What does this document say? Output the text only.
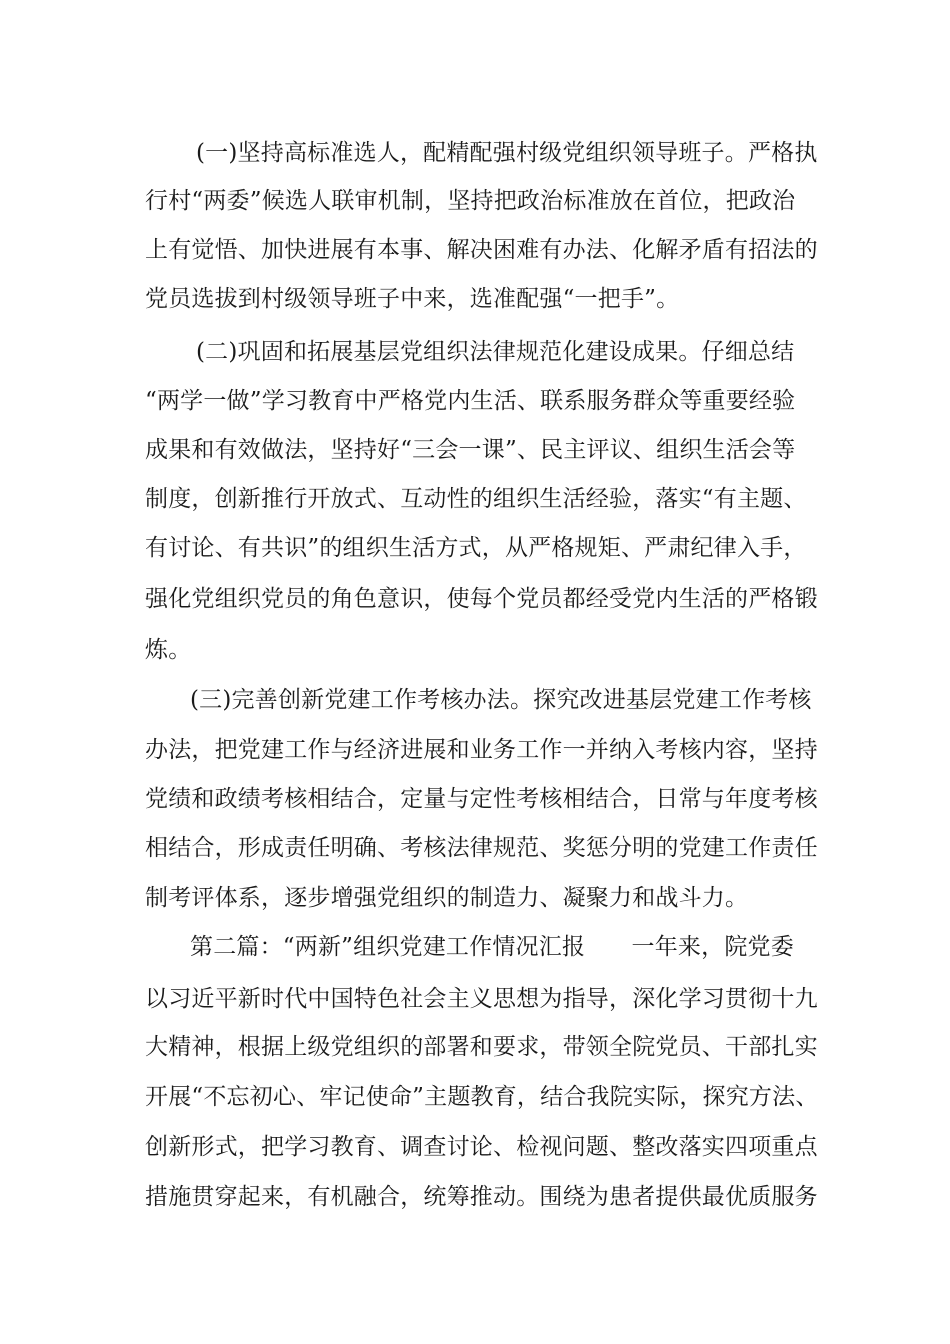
(一)坚持高标准选人，配精配强村级党组织领导班子。严格执
行村“两委”候选人联审机制，坚持把政治标准放在首位，把政治
上有觉悟、加快进展有本事、解决困难有办法、化解矛盾有招法的
党员选拔到村级领导班子中来，选准配强“一把手”。
(二)巩固和拓展基层党组织法律规范化建设成果。仔细总结
“两学一做”学习教育中严格党内生活、联系服务群众等重要经验
成果和有效做法，坚持好“三会一课”、民主评议、组织生活会等
制度，创新推行开放式、互动性的组织生活经验，落实“有主题、
有讨论、有共识”的组织生活方式，从严格规矩、严肃纪律入手，
强化党组织党员的角色意识，使每个党员都经受党内生活的严格锻
炼。
(三)完善创新党建工作考核办法。探究改进基层党建工作考核
办法，把党建工作与经济进展和业务工作一并纳入考核内容，坚持
党绩和政绩考核相结合，定量与定性考核相结合，日常与年度考核
相结合，形成责任明确、考核法律规范、奖惩分明的党建工作责任
制考评体系，逐步增强党组织的制造力、凝聚力和战斗力。
第二篇：“两新”组织党建工作情况汇报　　一年来，院党委
以习近平新时代中国特色社会主义思想为指导，深化学习贯彻十九
大精神，根据上级党组织的部署和要求，带领全院党员、干部扎实
开展“不忘初心、牢记使命”主题教育，结合我院实际，探究方法、
创新形式，把学习教育、调查讨论、检视问题、整改落实四项重点
措施贯穿起来，有机融合，统筹推动。围绕为患者提供最优质服务
